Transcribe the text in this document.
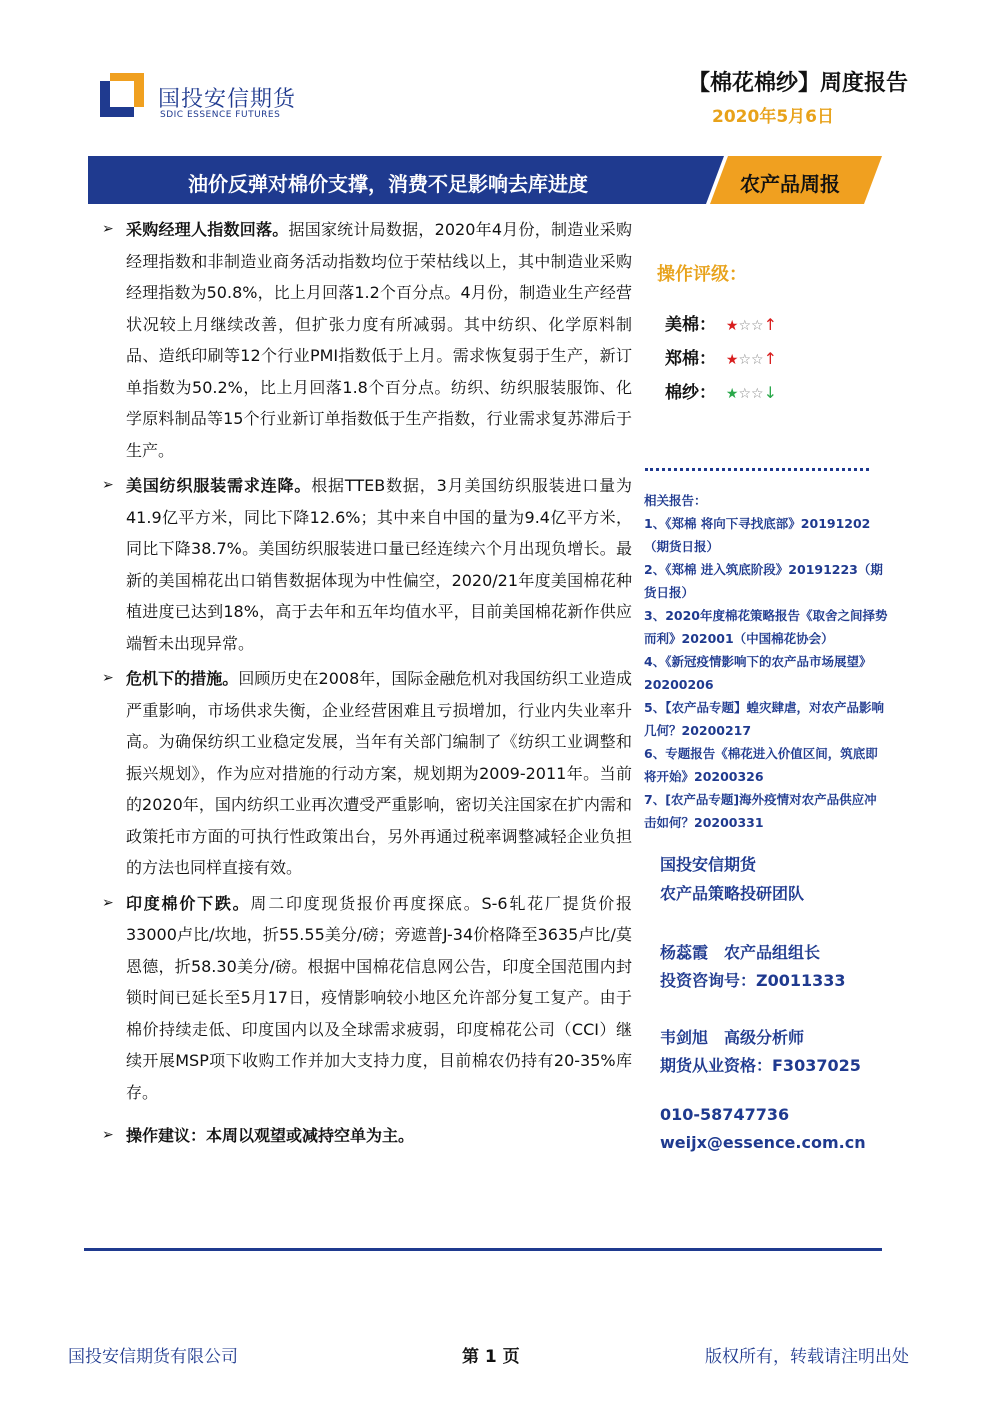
国投安信期货
SDIC ESSENCE FUTURES
【棉花棉纱】周度报告
2020年5月6日
油价反弹对棉价支撑，消费不足影响去库进度	农产品周报
➢ 采购经理人指数回落。据国家统计局数据，2020年4月份，制造业采购经理指数和非制造业商务活动指数均位于荣枯线以上，其中制造业采购经理指数为50.8%，比上月回落1.2个百分点。4月份，制造业生产经营状况较上月继续改善，但扩张力度有所减弱。其中纺织、化学原料制品、造纸印刷等12个行业PMI指数低于上月。需求恢复弱于生产，新订单指数为50.2%，比上月回落1.8个百分点。纺织、纺织服装服饰、化学原料制品等15个行业新订单指数低于生产指数，行业需求复苏滞后于生产。
➢ 美国纺织服装需求连降。根据TTEB数据，3月美国纺织服装进口量为41.9亿平方米，同比下降12.6%；其中来自中国的量为9.4亿平方米，同比下降38.7%。美国纺织服装进口量已经连续六个月出现负增长。最新的美国棉花出口销售数据体现为中性偏空，2020/21年度美国棉花种植进度已达到18%，高于去年和五年均值水平，目前美国棉花新作供应端暂未出现异常。
➢ 危机下的措施。回顾历史在2008年，国际金融危机对我国纺织工业造成严重影响，市场供求失衡，企业经营困难且亏损增加，行业内失业率升高。为确保纺织工业稳定发展，当年有关部门编制了《纺织工业调整和振兴规划》，作为应对措施的行动方案，规划期为2009-2011年。当前的2020年，国内纺织工业再次遭受严重影响，密切关注国家在扩内需和政策托市方面的可执行性政策出台，另外再通过税率调整减轻企业负担的方法也同样直接有效。
➢ 印度棉价下跌。周二印度现货报价再度探底。S-6轧花厂提货价报33000卢比/坎地，折55.55美分/磅；旁遮普J-34价格降至3635卢比/莫恩德，折58.30美分/磅。根据中国棉花信息网公告，印度全国范围内封锁时间已延长至5月17日，疫情影响较小地区允许部分复工复产。由于棉价持续走低、印度国内以及全球需求疲弱，印度棉花公司（CCI）继续开展MSP项下收购工作并加大支持力度，目前棉农仍持有20-35%库存。
➢ 操作建议：本周以观望或减持空单为主。
操作评级：
美棉： ★☆☆↑
郑棉： ★☆☆↑
棉纱： ★☆☆↓

相关报告：

1、《郑棉 将向下寻找底部》20191202（期货日报）

2、《郑棉 进入筑底阶段》20191223（期货日报）

3、2020年度棉花策略报告《取舍之间择势而利》202001（中国棉花协会）

4、《新冠疫情影响下的农产品市场展望》20200206

5、【农产品专题】蝗灾肆虐，对农产品影响几何？20200217

6、专题报告《棉花进入价值区间，筑底即将开始》20200326

7、[农产品专题]海外疫情对农产品供应冲击如何？20200331

国投安信期货
农产品策略投研团队
杨蕊霞　农产品组组长
投资咨询号：Z0011333
韦剑旭　高级分析师
期货从业资格：F3037025
010-58747736
weijx@essence.com.cn
国投安信期货有限公司	第 1 页	版权所有，转载请注明出处
